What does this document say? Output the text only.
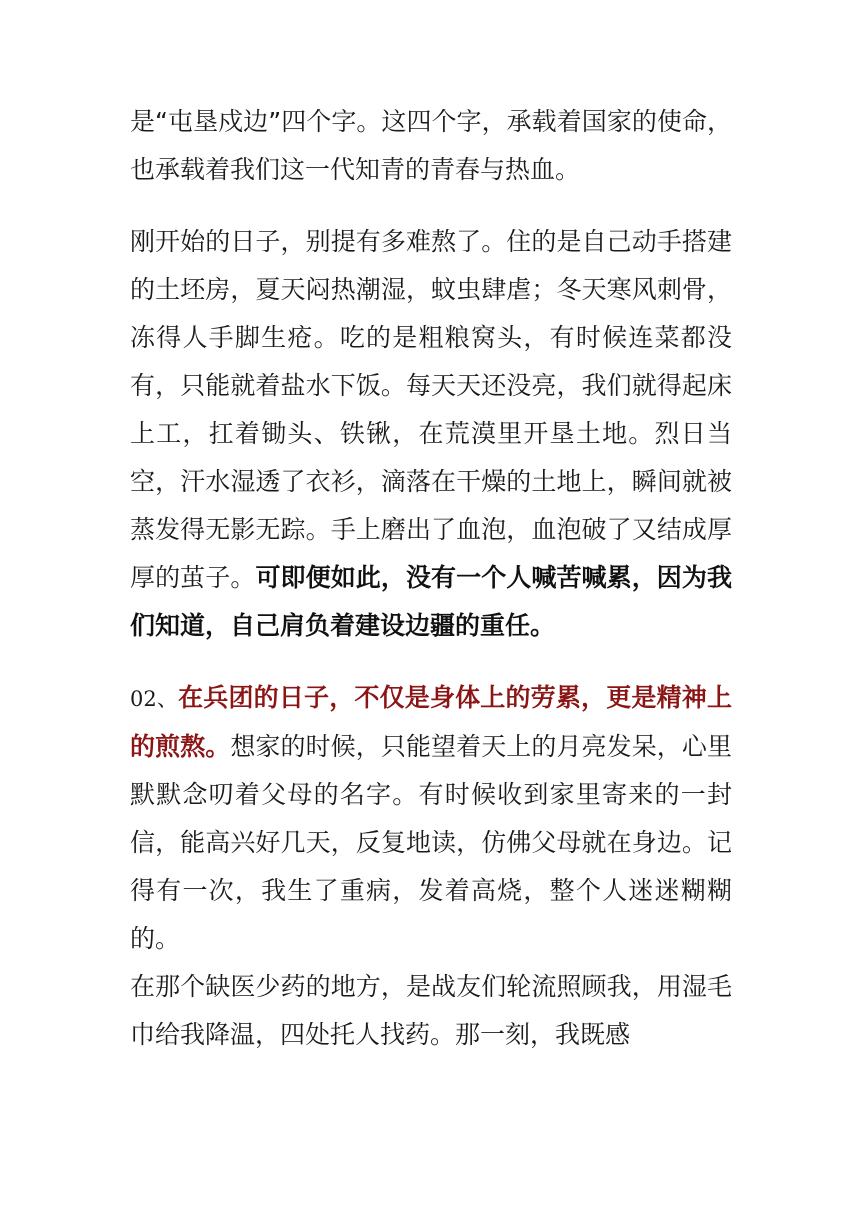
是“屯垦戍边”四个字。这四个字，承载着国家的使命，也承载着我们这一代知青的青春与热血。

刚开始的日子，别提有多难熬了。住的是自己动手搭建的土坯房，夏天闷热潮湿，蚊虫肆虐；冬天寒风刺骨，冻得人手脚生疮。吃的是粗粮窝头，有时候连菜都没有，只能就着盐水下饭。每天天还没亮，我们就得起床上工，扛着锄头、铁锹，在荒漠里开垦土地。烈日当空，汗水湿透了衣衫，滴落在干燥的土地上，瞬间就被蒸发得无影无踪。手上磨出了血泡，血泡破了又结成厚厚的茧子。可即便如此，没有一个人喊苦喊累，因为我们知道，自己肩负着建设边疆的重任。

02、在兵团的日子，不仅是身体上的劳累，更是精神上的煎熬。想家的时候，只能望着天上的月亮发呆，心里默默念叨着父母的名字。有时候收到家里寄来的一封信，能高兴好几天，反复地读，仿佛父母就在身边。记得有一次，我生了重病，发着高烧，整个人迷迷糊糊的。

在那个缺医少药的地方，是战友们轮流照顾我，用湿毛巾给我降温，四处托人找药。那一刻，我既感
